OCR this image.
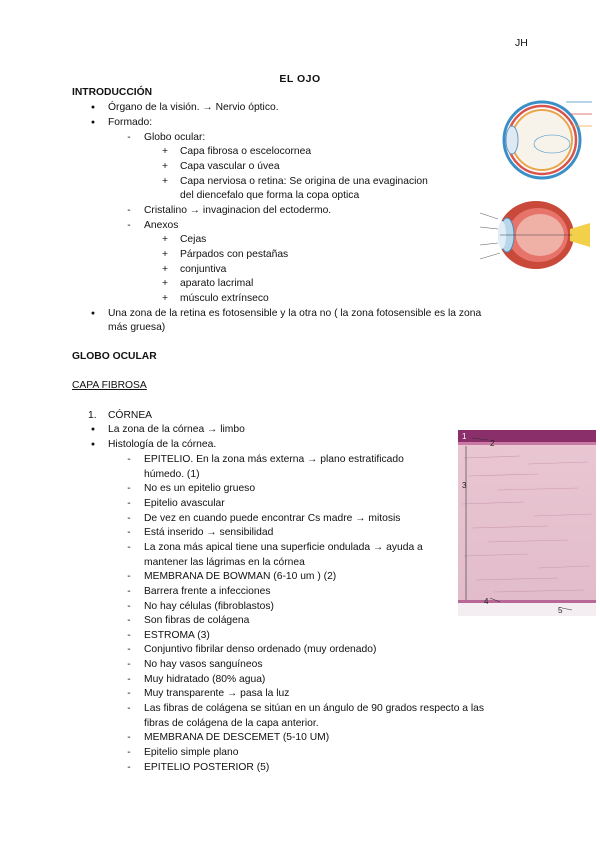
JH
EL OJO
INTRODUCCIÓN
●
Órgano de la visión. → Nervio óptico.
●
Formado:
-	Globo ocular:
+ Capa fibrosa o escelocornea
+ Capa vascular o úvea
+ Capa nerviosa o retina: Se origina de una evaginacion
del diencefalo que forma la copa optica
-	Cristalino → invaginacion del ectodermo.
-	Anexos
+ Cejas
+ Párpados con pestañas
+ conjuntiva
+ aparato lacrimal
+ músculo extrínseco
●
Una zona de la retina es fotosensible y la otra no ( la zona fotosensible es la zona
más gruesa)
GLOBO OCULAR
CAPA FIBROSA
1. CÓRNEA
●
La zona de la córnea → limbo
●
Histología de la córnea.
-	EPITELIO. En la zona más externa → plano estratificado
húmedo. (1)
-	No es un epitelio grueso
-	Epitelio avascular
-	De vez en cuando puede encontrar Cs madre → mitosis
-	Está inserido → sensibilidad
-	La zona más apical tiene una superficie ondulada → ayuda a
mantener las lágrimas en la córnea
-	MEMBRANA DE BOWMAN (6-10 um ) (2)
-	Barrera frente a infecciones
-	No hay células (fibroblastos)
-	Son fibras de colágena
-	ESTROMA (3)
-	Conjuntivo fibrilar denso ordenado (muy ordenado)
-	No hay vasos sanguíneos
-	Muy hidratado (80% agua)
-	Muy transparente → pasa la luz
-	Las fibras de colágena se sitúan en un ángulo de 90 grados respecto a las
fibras de colágena de la capa anterior.
-	MEMBRANA DE DESCEMET (5-10 UM)
-	Epitelio simple plano
-	EPITELIO POSTERIOR (5)
1
2
3
4
5
